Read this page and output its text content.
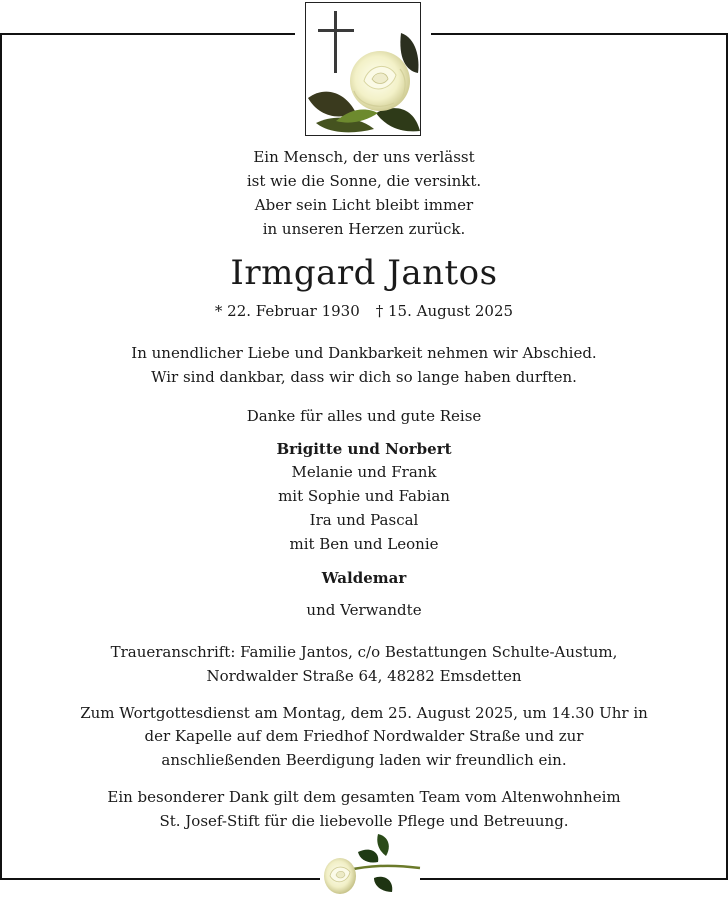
Ein Mensch, der uns verlässt
ist wie die Sonne, die versinkt.
Aber sein Licht bleibt immer
in unseren Herzen zurück.
Irmgard Jantos
* 22. Februar 1930 † 15. August 2025
In unendlicher Liebe und Dankbarkeit nehmen wir Abschied.
Wir sind dankbar, dass wir dich so lange haben durften.
Danke für alles und gute Reise
Brigitte und Norbert
Melanie und Frank
mit Sophie und Fabian
Ira und Pascal
mit Ben und Leonie
Waldemar
und Verwandte
Traueranschrift: Familie Jantos, c/o Bestattungen Schulte-Austum,
Nordwalder Straße 64, 48282 Emsdetten
Zum Wortgottesdienst am Montag, dem 25. August 2025, um 14.30 Uhr in
der Kapelle auf dem Friedhof Nordwalder Straße und zur
anschließenden Beerdigung laden wir freundlich ein.
Ein besonderer Dank gilt dem gesamten Team vom Altenwohnheim
St. Josef-Stift für die liebevolle Pflege und Betreuung.
